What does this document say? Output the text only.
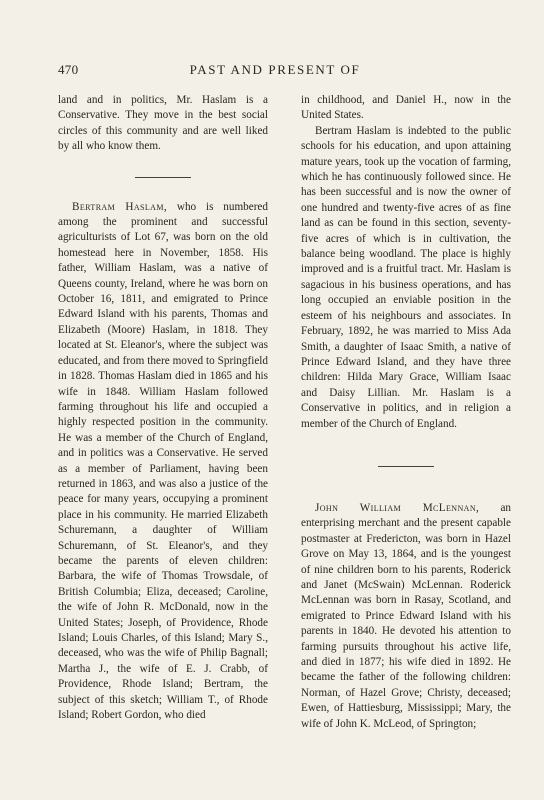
470	PAST AND PRESENT OF

land and in politics, Mr. Haslam is a Conservative. They move in the best social circles of this community and are well liked by all who know them.

Bertram Haslam, who is numbered among the prominent and successful agriculturists of Lot 67, was born on the old homestead here in November, 1858. His father, William Haslam, was a native of Queens county, Ireland, where he was born on October 16, 1811, and emigrated to Prince Edward Island with his parents, Thomas and Elizabeth (Moore) Haslam, in 1818. They located at St. Eleanor's, where the subject was educated, and from there moved to Springfield in 1828. Thomas Haslam died in 1865 and his wife in 1848. William Haslam followed farming throughout his life and occupied a highly respected position in the community. He was a member of the Church of England, and in politics was a Conservative. He served as a member of Parliament, having been returned in 1863, and was also a justice of the peace for many years, occupying a prominent place in his community. He married Elizabeth Schuremann, a daughter of William Schuremann, of St. Eleanor's, and they became the parents of eleven children: Barbara, the wife of Thomas Trowsdale, of British Columbia; Eliza, deceased; Caroline, the wife of John R. McDonald, now in the United States; Joseph, of Providence, Rhode Island; Louis Charles, of this Island; Mary S., deceased, who was the wife of Philip Bagnall; Martha J., the wife of E. J. Crabb, of Providence, Rhode Island; Bertram, the subject of this sketch; William T., of Rhode Island; Robert Gordon, who died

in childhood, and Daniel H., now in the United States.

Bertram Haslam is indebted to the public schools for his education, and upon attaining mature years, took up the vocation of farming, which he has continuously followed since. He has been successful and is now the owner of one hundred and twenty-five acres of as fine land as can be found in this section, seventy-five acres of which is in cultivation, the balance being woodland. The place is highly improved and is a fruitful tract. Mr. Haslam is sagacious in his business operations, and has long occupied an enviable position in the esteem of his neighbours and associates. In February, 1892, he was married to Miss Ada Smith, a daughter of Isaac Smith, a native of Prince Edward Island, and they have three children: Hilda Mary Grace, William Isaac and Daisy Lillian. Mr. Haslam is a Conservative in politics, and in religion a member of the Church of England.

John William McLennan, an enterprising merchant and the present capable postmaster at Fredericton, was born in Hazel Grove on May 13, 1864, and is the youngest of nine children born to his parents, Roderick and Janet (McSwain) McLennan. Roderick McLennan was born in Rasay, Scotland, and emigrated to Prince Edward Island with his parents in 1840. He devoted his attention to farming pursuits throughout his active life, and died in 1877; his wife died in 1892. He became the father of the following children: Norman, of Hazel Grove; Christy, deceased; Ewen, of Hattiesburg, Mississippi; Mary, the wife of John K. McLeod, of Springton;
